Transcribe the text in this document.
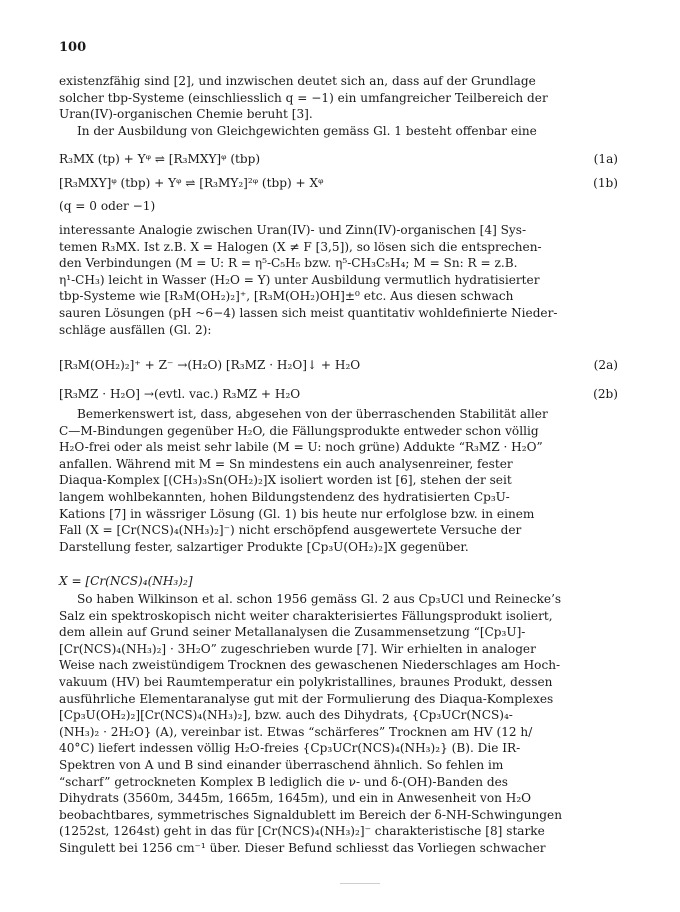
100
existenzfähig sind [2], und inzwischen deutet sich an, dass auf der Grundlage
solcher tbp-Systeme (einschliesslich q = −1) ein umfangreicher Teilbereich der
Uran(IV)-organischen Chemie beruht [3].
In der Ausbildung von Gleichgewichten gemäss Gl. 1 besteht offenbar eine
R₃MX (tp) + Yᵠ ⇌ [R₃MXY]ᵠ (tbp)	(1a)
[R₃MXY]ᵠ (tbp) + Yᵠ ⇌ [R₃MY₂]²ᵠ (tbp) + Xᵠ	(1b)
(q = 0 oder −1)
interessante Analogie zwischen Uran(IV)- und Zinn(IV)-organischen [4] Sys-
temen R₃MX. Ist z.B. X = Halogen (X ≠ F [3,5]), so lösen sich die entsprechen-
den Verbindungen (M = U: R = η⁵-C₅H₅ bzw. η⁵-CH₃C₅H₄; M = Sn: R = z.B.
η¹-CH₃) leicht in Wasser (H₂O = Y) unter Ausbildung vermutlich hydratisierter
tbp-Systeme wie [R₃M(OH₂)₂]⁺, [R₃M(OH₂)OH]±⁰ etc. Aus diesen schwach
sauren Lösungen (pH ~6−4) lassen sich meist quantitativ wohldefinierte Nieder-
schläge ausfällen (Gl. 2):
[R₃M(OH₂)₂]⁺ + Z⁻ →(H₂O) [R₃MZ · H₂O]↓ + H₂O	(2a)
[R₃MZ · H₂O] →(evtl. vac.) R₃MZ + H₂O	(2b)
Bemerkenswert ist, dass, abgesehen von der überraschenden Stabilität aller
C—M-Bindungen gegenüber H₂O, die Fällungsprodukte entweder schon völlig
H₂O-frei oder als meist sehr labile (M = U: noch grüne) Addukte “R₃MZ · H₂O”
anfallen. Während mit M = Sn mindestens ein auch analysenreiner, fester
Diaqua-Komplex [(CH₃)₃Sn(OH₂)₂]X isoliert worden ist [6], stehen der seit
langem wohlbekannten, hohen Bildungstendenz des hydratisierten Cp₃U-
Kations [7] in wässriger Lösung (Gl. 1) bis heute nur erfolglose bzw. in einem
Fall (X = [Cr(NCS)₄(NH₃)₂]⁻) nicht erschöpfend ausgewertete Versuche der
Darstellung fester, salzartiger Produkte [Cp₃U(OH₂)₂]X gegenüber.
X = [Cr(NCS)₄(NH₃)₂]
So haben Wilkinson et al. schon 1956 gemäss Gl. 2 aus Cp₃UCl und Reinecke’s
Salz ein spektroskopisch nicht weiter charakterisiertes Fällungsprodukt isoliert,
dem allein auf Grund seiner Metallanalysen die Zusammensetzung “[Cp₃U]-
[Cr(NCS)₄(NH₃)₂] · 3H₂O” zugeschrieben wurde [7]. Wir erhielten in analoger
Weise nach zweistündigem Trocknen des gewaschenen Niederschlages am Hoch-
vakuum (HV) bei Raumtemperatur ein polykristallines, braunes Produkt, dessen
ausführliche Elementaranalyse gut mit der Formulierung des Diaqua-Komplexes
[Cp₃U(OH₂)₂][Cr(NCS)₄(NH₃)₂], bzw. auch des Dihydrats, {Cp₃UCr(NCS)₄-
(NH₃)₂ · 2H₂O} (A), vereinbar ist. Etwas “schärferes” Trocknen am HV (12 h/
40°C) liefert indessen völlig H₂O-freies {Cp₃UCr(NCS)₄(NH₃)₂} (B). Die IR-
Spektren von A und B sind einander überraschend ähnlich. So fehlen im
“scharf” getrockneten Komplex B lediglich die ν- und δ-(OH)-Banden des
Dihydrats (3560m, 3445m, 1665m, 1645m), und ein in Anwesenheit von H₂O
beobachtbares, symmetrisches Signaldublett im Bereich der δ-NH-Schwingungen
(1252st, 1264st) geht in das für [Cr(NCS)₄(NH₃)₂]⁻ charakteristische [8] starke
Singulett bei 1256 cm⁻¹ über. Dieser Befund schliesst das Vorliegen schwacher
